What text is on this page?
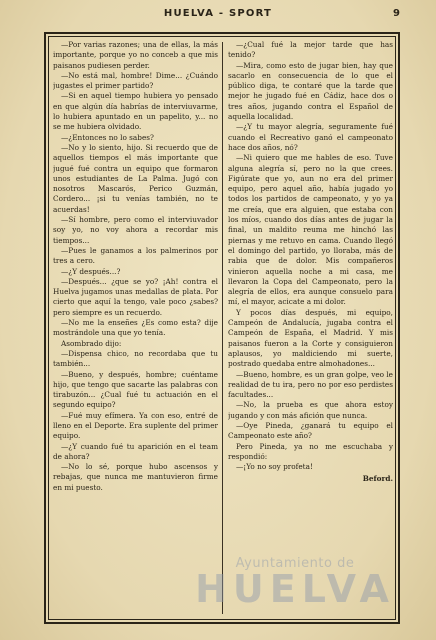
HUELVA - SPORT	9

—Por varias razones; una de ellas, la más importante, porque yo no conceb a que mis paisanos pudiesen perder.

—No está mal, hombre! Dime... ¿Cuándo jugastes el primer partido?

—Si en aquel tiempo hubiera yo pensado en que algún día habrías de interviuvarme, lo hubiera apuntado en un papelito, y... no se me hubiera olvidado.

—¿Entonces no lo sabes?

—No y lo siento, hijo. Si recuerdo que de aquellos tiempos el más importante que jugué fué contra un equipo que formaron unos estudiantes de La Palma. Jugó con nosotros Mascarós, Perico Guzmán, Cordero... ¡si tu venías también, no te acuerdas!

—Sí hombre, pero como el interviuvador soy yo, no voy ahora a recordar mis tiempos...

—Pues le ganamos a los palmerinos por tres a cero.

—¿Y después...?

—Después... ¿que se yo? ¡Ah! contra el Huelva jugamos unas medallas de plata. Por cierto que aquí la tengo, vale poco ¿sabes? pero siempre es un recuerdo.

—No me la enseñes ¿Es como esta? dije mostrándole una que yo tenía.

Asombrado dijo:

—Dispensa chico, no recordaba que tu también...

—Bueno, y después, hombre; cuéntame hijo, que tengo que sacarte las palabras con tirabuzón... ¿Cual fué tu actuación en el segundo equipo?

—Fué muy efímera. Ya con eso, entré de lleno en el Deporte. Era suplente del primer equipo.

—¿Y cuando fué tu aparición en el team de ahora?

—No lo sé, porque hubo ascensos y rebajas, que nunca me mantuvieron firme en mi puesto.

—¿Cual fué la mejor tarde que has tenido?

—Mira, como esto de jugar bien, hay que sacarlo en consecuencia de lo que el público diga, te contaré que la tarde que mejor he jugado fué en Cádiz, hace dos o tres años, jugando contra el Español de aquella localidad.

—¿Y tu mayor alegría, seguramente fué cuando el Recreativo ganó el campeonato hace dos años, nó?

—Ni quiero que me hables de eso. Tuve alguna alegría sí, pero no la que crees. Figúrate que yo, aun no era del primer equipo, pero aquel año, había jugado yo todos los partidos de campeonato, y yo ya me creía, que era alguien, que estaba con los míos, cuando dos días antes de jugar la final, un maldito reuma me hinchó las piernas y me retuvo en cama. Cuando llegó el domingo del partido, yo lloraba, más de rabia que de dolor. Mis compañeros vinieron aquella noche a mi casa, me llevaron la Copa del Campeonato, pero la alegría de ellos, era aunque consuelo para mí, el mayor, acicate a mi dolor.

Y pocos días después, mi equipo, Campeón de Andalucía, jugaba contra el Campeón de España, el Madrid. Y mis paisanos fueron a la Corte y consiguieron aplausos, yo maldiciendo mi suerte, postrado quedaba entre almohadones...

—Bueno, hombre, es un gran golpe, veo le realidad de tu ira, pero no por eso perdistes facultades...

—No, la prueba es que ahora estoy jugando y con más afición que nunca.

—Oye Pineda, ¿ganará tu equipo el Campeonato este año?

Pero Pineda, ya no me escuchaba y respondió:

—¡Yo no soy profeta!

Beford.
Ayuntamiento de
HUELVA
